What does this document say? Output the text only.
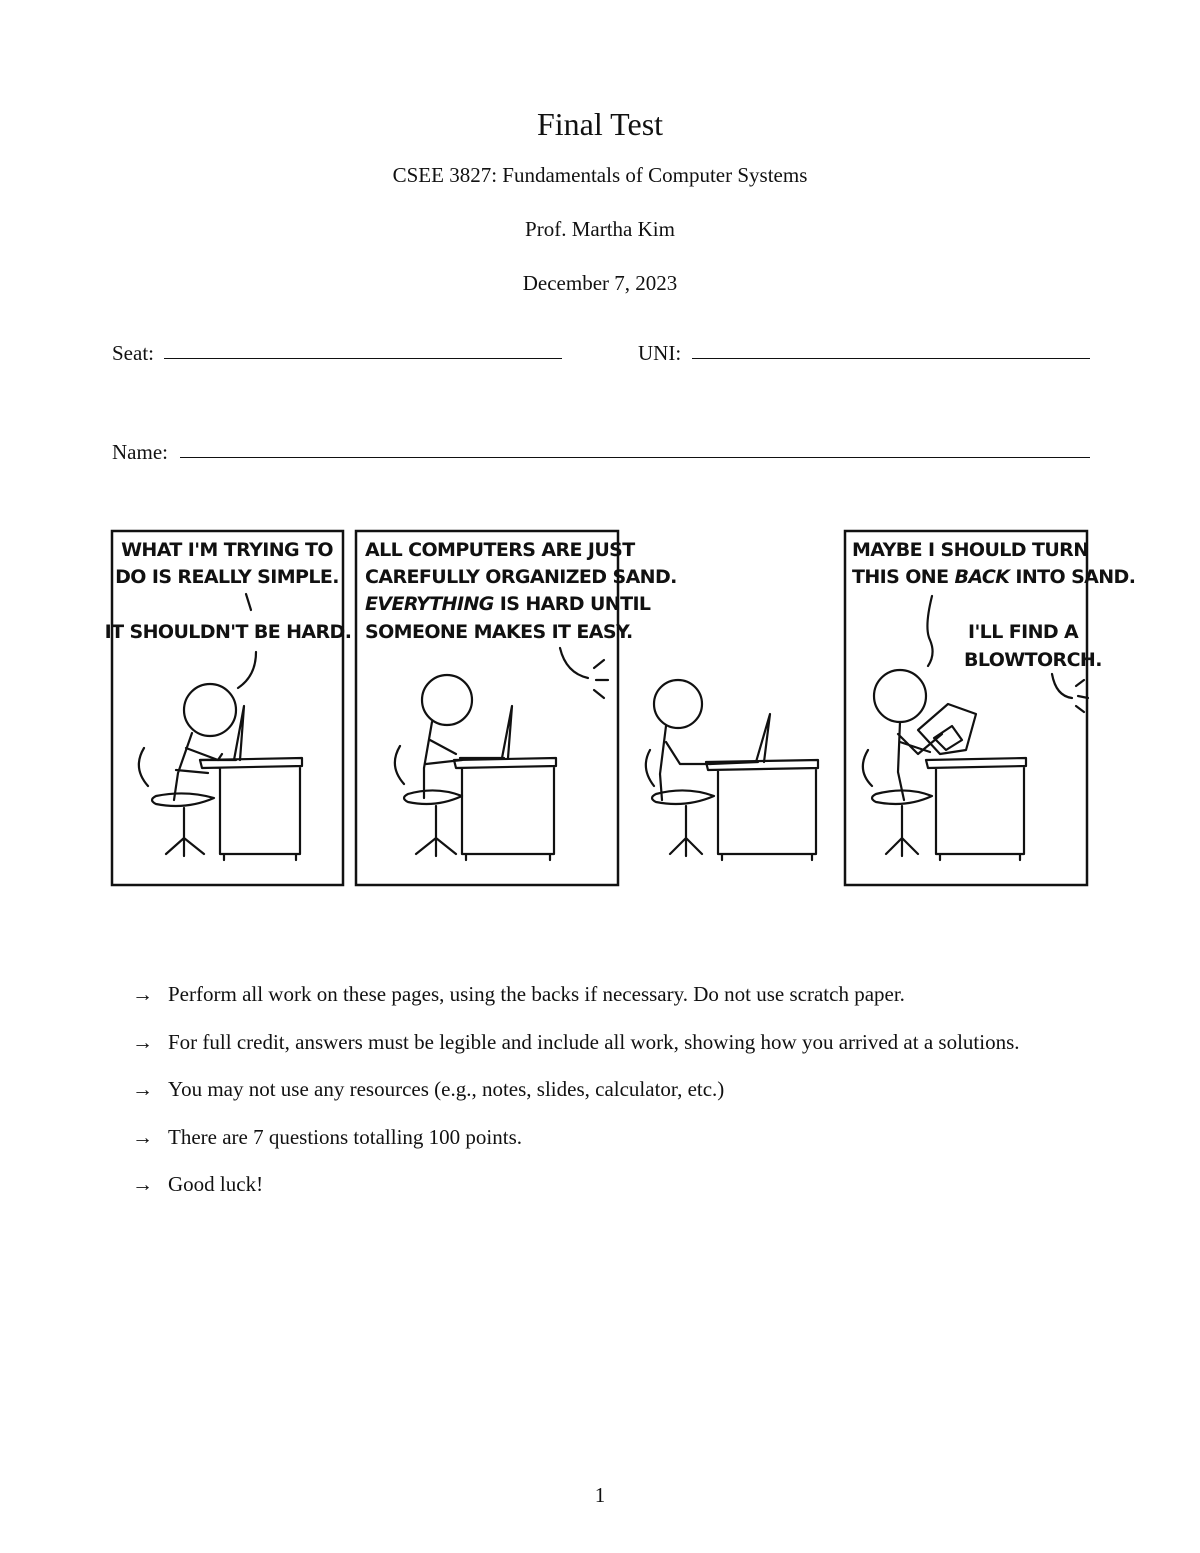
Final Test
CSEE 3827: Fundamentals of Computer Systems
Prof. Martha Kim
December 7, 2023
Seat:	UNI:
Name:
WHAT I'M TRYING TO
DO IS REALLY SIMPLE.
IT SHOULDN'T BE HARD.
ALL COMPUTERS ARE JUST
CAREFULLY ORGANIZED SAND.
EVERYTHING IS HARD UNTIL
SOMEONE MAKES IT EASY.
MAYBE I SHOULD TURN
THIS ONE BACK INTO SAND.
I'LL FIND A
BLOWTORCH.
→ Perform all work on these pages, using the backs if necessary. Do not use scratch paper.
→ For full credit, answers must be legible and include all work, showing how you arrived at a solutions.
→ You may not use any resources (e.g., notes, slides, calculator, etc.)
→ There are 7 questions totalling 100 points.
→ Good luck!
1
